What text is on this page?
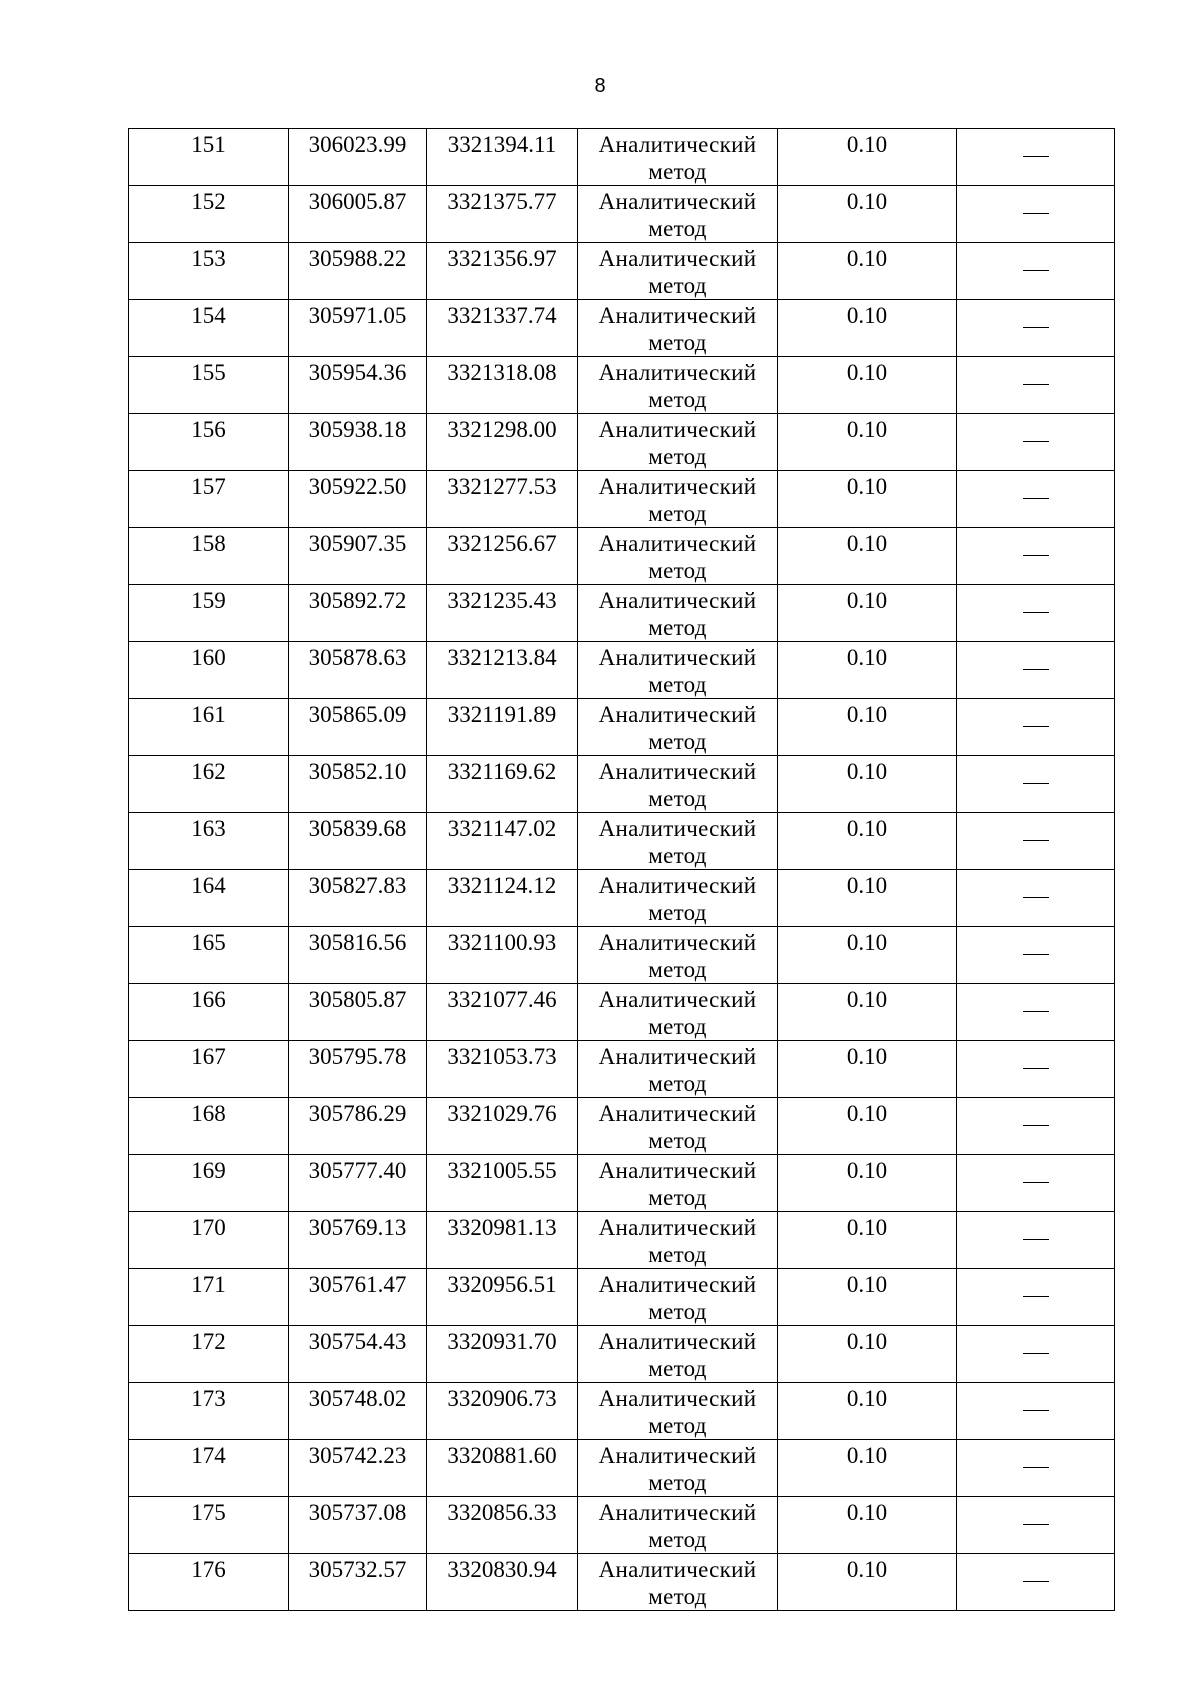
8
151	306023.99	3321394.11	Аналитический метод	0.10	

152	306005.87	3321375.77	Аналитический метод	0.10	

153	305988.22	3321356.97	Аналитический метод	0.10	

154	305971.05	3321337.74	Аналитический метод	0.10	

155	305954.36	3321318.08	Аналитический метод	0.10	

156	305938.18	3321298.00	Аналитический метод	0.10	

157	305922.50	3321277.53	Аналитический метод	0.10	

158	305907.35	3321256.67	Аналитический метод	0.10	

159	305892.72	3321235.43	Аналитический метод	0.10	

160	305878.63	3321213.84	Аналитический метод	0.10	

161	305865.09	3321191.89	Аналитический метод	0.10	

162	305852.10	3321169.62	Аналитический метод	0.10	

163	305839.68	3321147.02	Аналитический метод	0.10	

164	305827.83	3321124.12	Аналитический метод	0.10	

165	305816.56	3321100.93	Аналитический метод	0.10	

166	305805.87	3321077.46	Аналитический метод	0.10	

167	305795.78	3321053.73	Аналитический метод	0.10	

168	305786.29	3321029.76	Аналитический метод	0.10	

169	305777.40	3321005.55	Аналитический метод	0.10	

170	305769.13	3320981.13	Аналитический метод	0.10	

171	305761.47	3320956.51	Аналитический метод	0.10	

172	305754.43	3320931.70	Аналитический метод	0.10	

173	305748.02	3320906.73	Аналитический метод	0.10	

174	305742.23	3320881.60	Аналитический метод	0.10	

175	305737.08	3320856.33	Аналитический метод	0.10	

176	305732.57	3320830.94	Аналитический метод	0.10	
